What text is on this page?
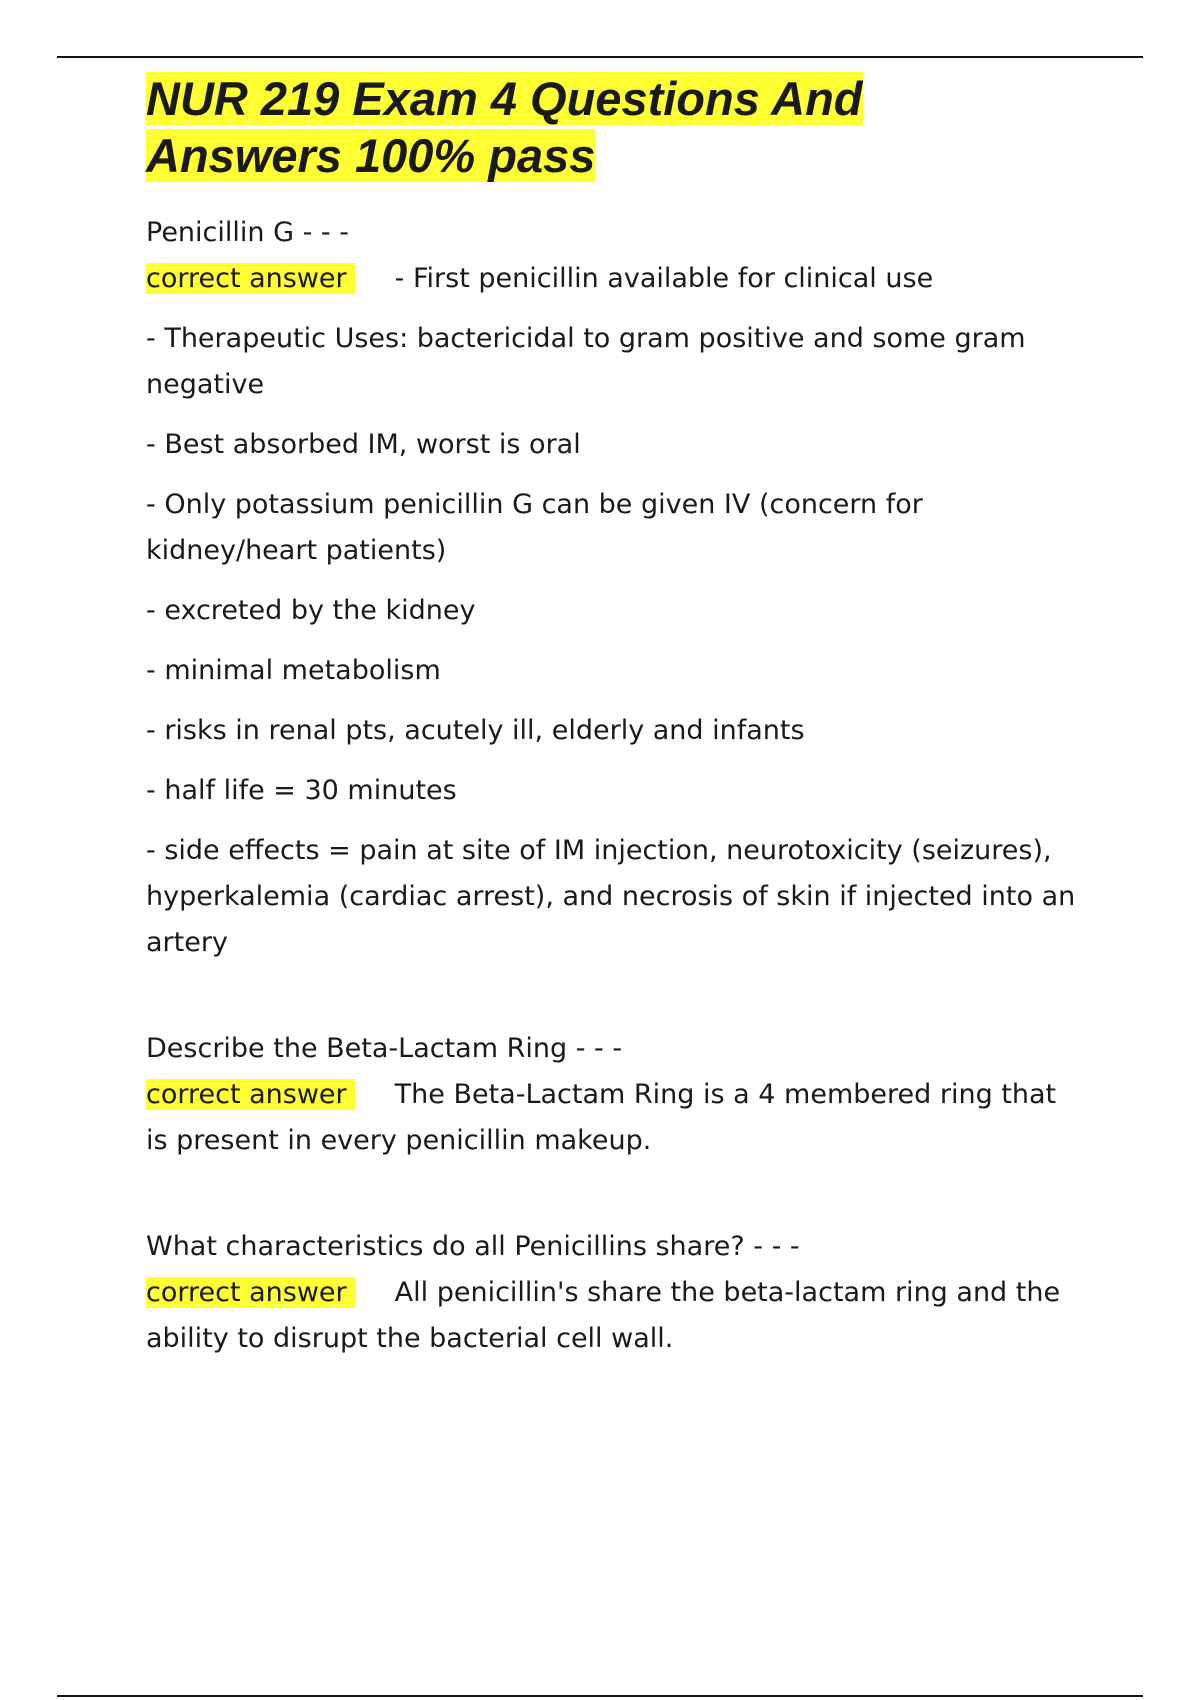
NUR 219 Exam 4 Questions And
Answers 100% pass

Penicillin G - - -

correct answer - First penicillin available for clinical use

- Therapeutic Uses: bactericidal to gram positive and some gram negative

- Best absorbed IM, worst is oral

- Only potassium penicillin G can be given IV (concern for kidney/heart patients)

- excreted by the kidney

- minimal metabolism

- risks in renal pts, acutely ill, elderly and infants

- half life = 30 minutes

- side effects = pain at site of IM injection, neurotoxicity (seizures), hyperkalemia (cardiac arrest), and necrosis of skin if injected into an artery

Describe the Beta-Lactam Ring - - -

correct answer The Beta-Lactam Ring is a 4 membered ring that is present in every penicillin makeup.

What characteristics do all Penicillins share? - - -

correct answer All penicillin's share the beta-lactam ring and the ability to disrupt the bacterial cell wall.
